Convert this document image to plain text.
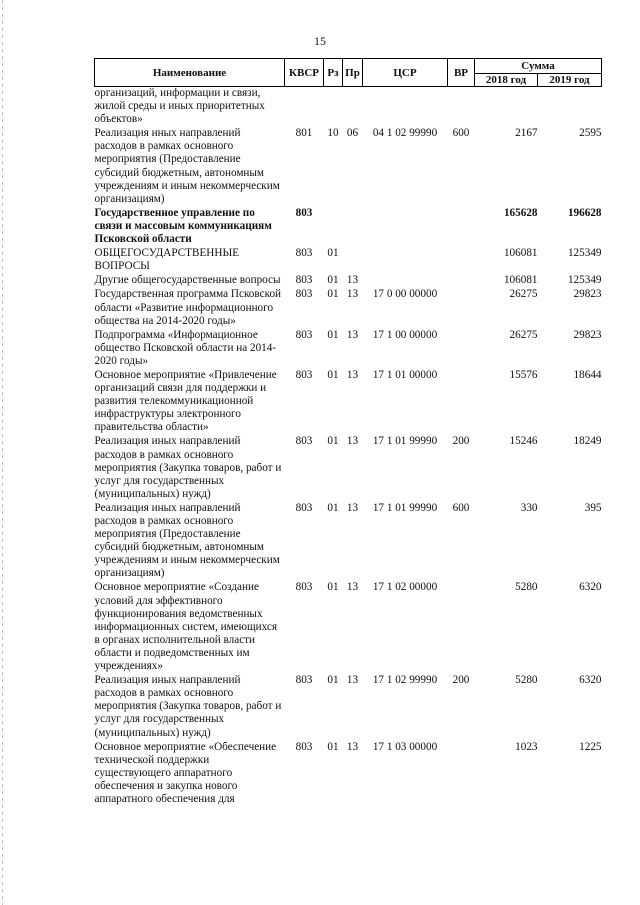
15
Наименование	КВСР	Рз	Пр	ЦСР	ВР	Сумма	
						2018 год	2019 год
организаций, информации и связи, жилой среды и иных приоритетных объектов»							
Реализация иных направлений расходов в рамках основного мероприятия (Предоставление субсидий бюджетным, автономным учреждениям и иным некоммерческим организациям)	801	10	06	04 1 02 99990	600	2167	2595
Государственное управление по связи и массовым коммуникациям Псковской области	803					165628	196628
ОБЩЕГОСУДАРСТВЕННЫЕ ВОПРОСЫ	803	01				106081	125349
Другие общегосударственные вопросы	803	01	13			106081	125349
Государственная программа Псковской области «Развитие информационного общества на 2014-2020 годы»	803	01	13	17 0 00 00000		26275	29823
Подпрограмма «Информационное общество Псковской области на 2014-2020 годы»	803	01	13	17 1 00 00000		26275	29823
Основное мероприятие «Привлечение организаций связи для поддержки и развития телекоммуникационной инфраструктуры электронного правительства области»	803	01	13	17 1 01 00000		15576	18644
Реализация иных направлений расходов в рамках основного мероприятия (Закупка товаров, работ и услуг для государственных (муниципальных) нужд)	803	01	13	17 1 01 99990	200	15246	18249
Реализация иных направлений расходов в рамках основного мероприятия (Предоставление субсидий бюджетным, автономным учреждениям и иным некоммерческим организациям)	803	01	13	17 1 01 99990	600	330	395
Основное мероприятие «Создание условий для эффективного функционирования ведомственных информационных систем, имеющихся в органах исполнительной власти области и подведомственных им учреждениях»	803	01	13	17 1 02 00000		5280	6320
Реализация иных направлений расходов в рамках основного мероприятия (Закупка товаров, работ и услуг для государственных (муниципальных) нужд)	803	01	13	17 1 02 99990	200	5280	6320
Основное мероприятие «Обеспечение технической поддержки существующего аппаратного обеспечения и закупка нового аппаратного обеспечения для	803	01	13	17 1 03 00000		1023	1225
